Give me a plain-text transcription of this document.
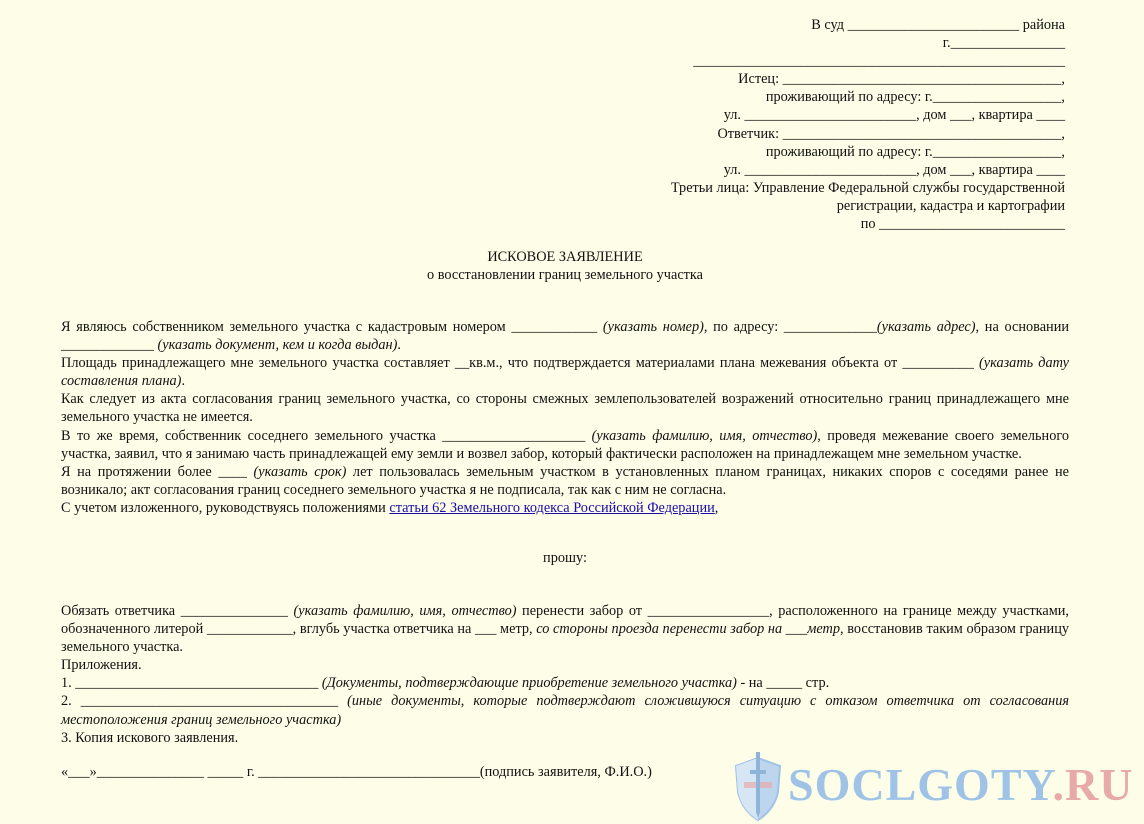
В суд ________________________ района
г.________________
____________________________________________________
Истец: _______________________________________,
проживающий по адресу: г.__________________,
ул. ________________________, дом ___, квартира ____
Ответчик: _______________________________________,
проживающий по адресу: г.__________________,
ул. ________________________, дом ___, квартира ____
Третьи лица: Управление Федеральной службы государственной
регистрации, кадастра и картографии
по __________________________
ИСКОВОЕ ЗАЯВЛЕНИЕ
о восстановлении границ земельного участка

Я являюсь собственником земельного участка с кадастровым номером ____________ (указать номер), по адресу: _____________(указать адрес), на основании _____________ (указать документ, кем и когда выдан).

Площадь принадлежащего мне земельного участка составляет __кв.м., что подтверждается материалами плана межевания объекта от __________ (указать дату составления плана).

Как следует из акта согласования границ земельного участка, со стороны смежных землепользователей возражений относительно границ принадлежащего мне земельного участка не имеется.

В то же время, собственник соседнего земельного участка ____________________ (указать фамилию, имя, отчество), проведя межевание своего земельного участка, заявил, что я занимаю часть принадлежащей ему земли и возвел забор, который фактически расположен на принадлежащем мне земельном участке.

Я на протяжении более ____ (указать срок) лет пользовалась земельным участком в установленных планом границах, никаких споров с соседями ранее не возникало; акт согласования границ соседнего земельного участка я не подписала, так как с ним не согласна.

С учетом изложенного, руководствуясь положениями статьи 62 Земельного кодекса Российской Федерации,

прошу:

Обязать ответчика _______________ (указать фамилию, имя, отчество) перенести забор от _________________, расположенного на границе между участками, обозначенного литерой ____________, вглубь участка ответчика на ___ метр, со стороны проезда перенести забор на ___метр, восстановив таким образом границу земельного участка.

Приложения.

1. __________________________________ (Документы, подтверждающие приобретение земельного участка) - на _____ стр.

2. ____________________________________ (иные документы, которые подтверждают сложившуюся ситуацию с отказом ответчика от согласования местоположения границ земельного участка)

3. Копия искового заявления.

«___»_______________ _____ г. _______________________________(подпись заявителя, Ф.И.О.)	SOCLGOTY.RU
